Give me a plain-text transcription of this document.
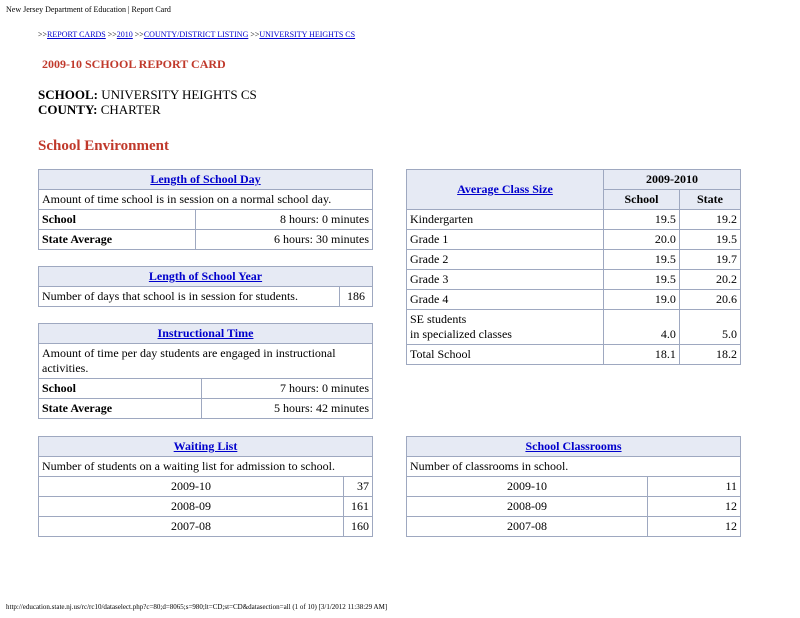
New Jersey Department of Education | Report Card
>>REPORT CARDS >>2010 >>COUNTY/DISTRICT LISTING >>UNIVERSITY HEIGHTS CS
2009-10 SCHOOL REPORT CARD
SCHOOL: UNIVERSITY HEIGHTS CS
COUNTY: CHARTER
School Environment
Length of School Day	
Amount of time school is in session on a normal school day.	
School	8 hours: 0 minutes
State Average	6 hours: 30 minutes
Length of School Year
Number of days that school is in session for students.	186
Instructional Time	
Amount of time per day students are engaged in instructional activities.	
School	7 hours: 0 minutes
State Average	5 hours: 42 minutes
Average Class Size	2009-2010	
	School	State
Kindergarten	19.5	19.2
Grade 1	20.0	19.5
Grade 2	19.5	19.7
Grade 3	19.5	20.2
Grade 4	19.0	20.6

SE students
in specialized classes	4.0	5.0
Total School	18.1	18.2
Waiting List	
Number of students on a waiting list for admission to school.	
2009-10	37
2008-09	161
2007-08	160
School Classrooms	
Number of classrooms in school.	
2009-10	11
2008-09	12
2007-08	12
http://education.state.nj.us/rc/rc10/dataselect.php?c=80;d=8065;s=980;lt=CD;st=CD&datasection=all (1 of 10) [3/1/2012 11:38:29 AM]
